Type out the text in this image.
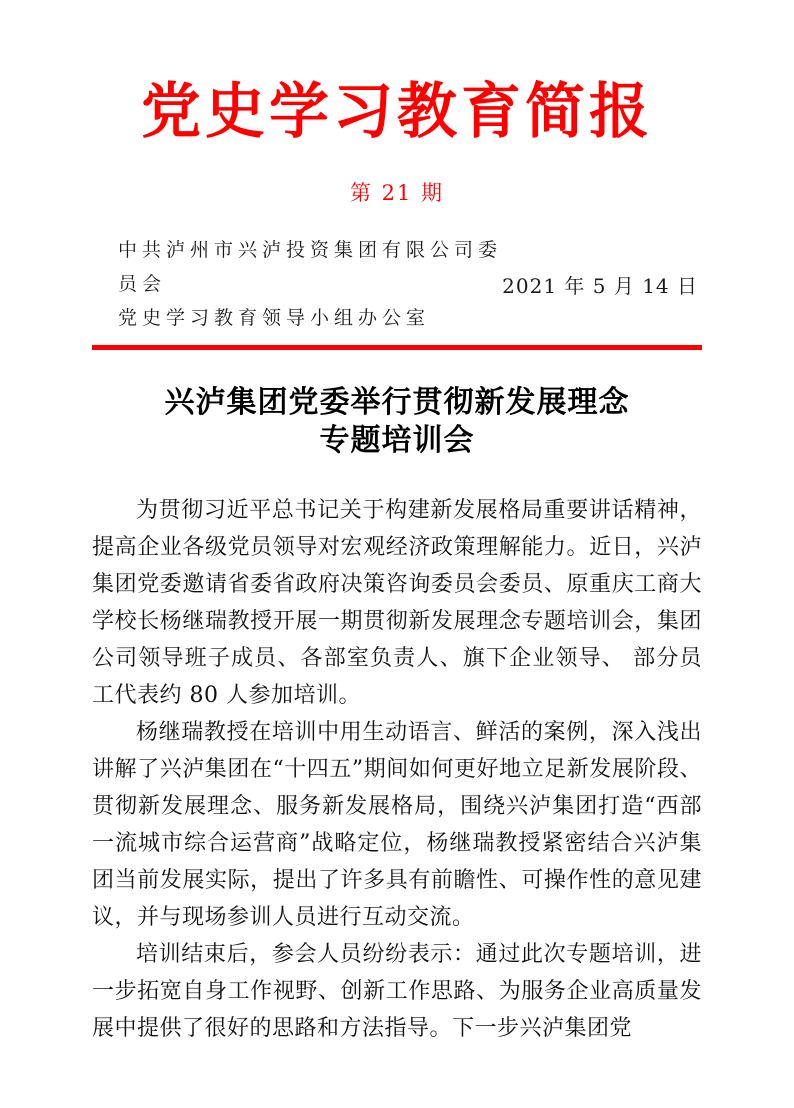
党史学习教育简报
第 21 期
中共泸州市兴泸投资集团有限公司委员会
党史学习教育领导小组办公室
2021 年 5 月 14 日
兴泸集团党委举行贯彻新发展理念
专题培训会

为贯彻习近平总书记关于构建新发展格局重要讲话精神，提高企业各级党员领导对宏观经济政策理解能力。近日，兴泸集团党委邀请省委省政府决策咨询委员会委员、原重庆工商大学校长杨继瑞教授开展一期贯彻新发展理念专题培训会，集团公司领导班子成员、各部室负责人、旗下企业领导、 部分员工代表约 80 人参加培训。

杨继瑞教授在培训中用生动语言、鲜活的案例，深入浅出讲解了兴泸集团在“十四五”期间如何更好地立足新发展阶段、贯彻新发展理念、服务新发展格局，围绕兴泸集团打造“西部一流城市综合运营商”战略定位，杨继瑞教授紧密结合兴泸集团当前发展实际，提出了许多具有前瞻性、可操作性的意见建议，并与现场参训人员进行互动交流。

培训结束后，参会人员纷纷表示：通过此次专题培训，进一步拓宽自身工作视野、创新工作思路、为服务企业高质量发展中提供了很好的思路和方法指导。下一步兴泸集团党
